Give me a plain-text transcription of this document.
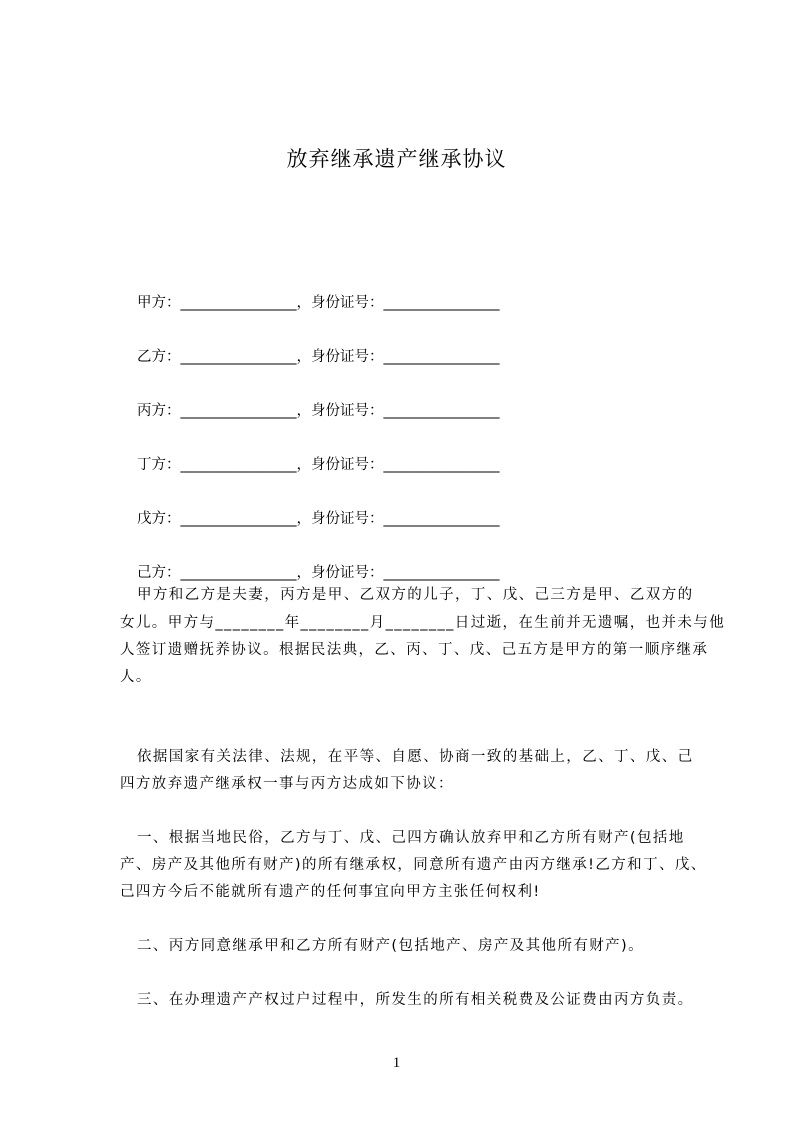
放弃继承遗产继承协议
甲方：________________，身份证号：________________
乙方：________________，身份证号：________________
丙方：________________，身份证号：________________
丁方：________________，身份证号：________________
戊方：________________，身份证号：________________
己方：________________，身份证号：________________
甲方和乙方是夫妻，丙方是甲、乙双方的儿子，丁、戊、己三方是甲、乙双方的
女儿。甲方与________年________月________日过逝，在生前并无遗嘱，也并未与他
人签订遗赠抚养协议。根据民法典，乙、丙、丁、戊、己五方是甲方的第一顺序继承
人。
依据国家有关法律、法规，在平等、自愿、协商一致的基础上，乙、丁、戊、己
四方放弃遗产继承权一事与丙方达成如下协议：
一、根据当地民俗，乙方与丁、戊、己四方确认放弃甲和乙方所有财产(包括地
产、房产及其他所有财产)的所有继承权，同意所有遗产由丙方继承!乙方和丁、戊、
己四方今后不能就所有遗产的任何事宜向甲方主张任何权利!
二、丙方同意继承甲和乙方所有财产(包括地产、房产及其他所有财产)。
三、在办理遗产产权过户过程中，所发生的所有相关税费及公证费由丙方负责。
1
